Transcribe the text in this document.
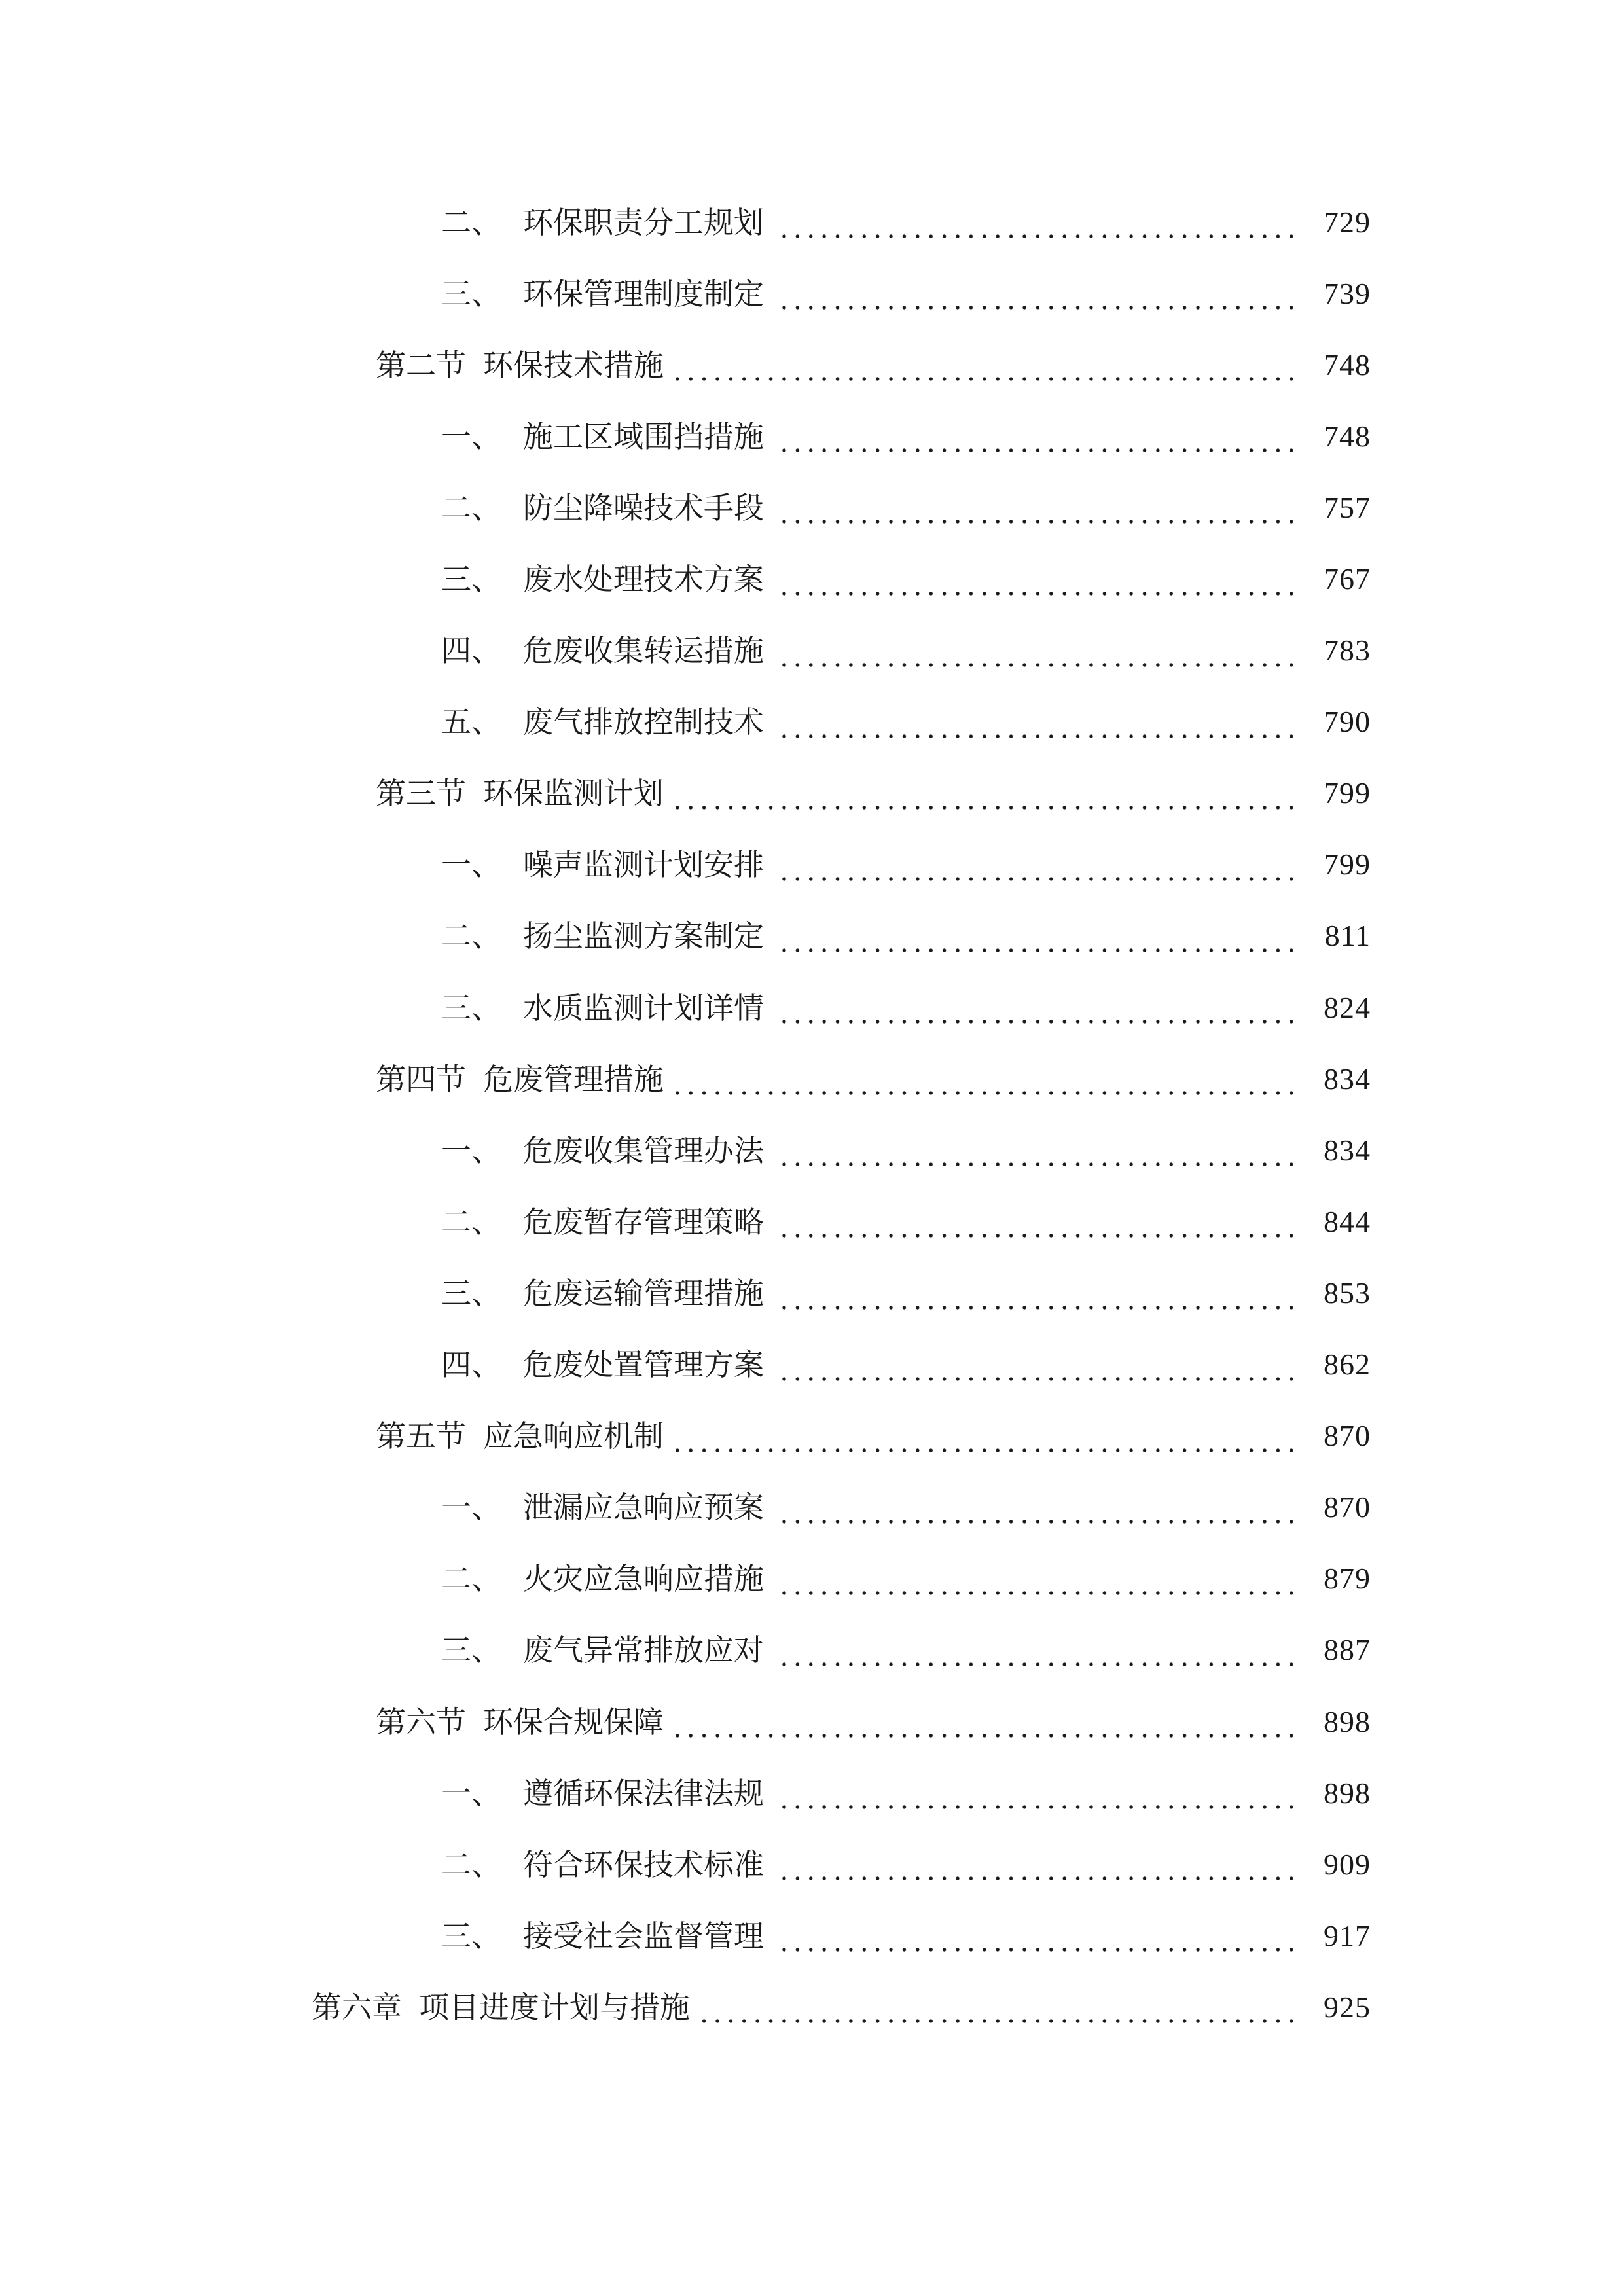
二、 环保职责分工规划	729
三、 环保管理制度制定	739
第二节 环保技术措施	748
一、 施工区域围挡措施	748
二、 防尘降噪技术手段	757
三、 废水处理技术方案	767
四、 危废收集转运措施	783
五、 废气排放控制技术	790
第三节 环保监测计划	799
一、 噪声监测计划安排	799
二、 扬尘监测方案制定	811
三、 水质监测计划详情	824
第四节 危废管理措施	834
一、 危废收集管理办法	834
二、 危废暂存管理策略	844
三、 危废运输管理措施	853
四、 危废处置管理方案	862
第五节 应急响应机制	870
一、 泄漏应急响应预案	870
二、 火灾应急响应措施	879
三、 废气异常排放应对	887
第六节 环保合规保障	898
一、 遵循环保法律法规	898
二、 符合环保技术标准	909
三、 接受社会监督管理	917
第六章 项目进度计划与措施	925
